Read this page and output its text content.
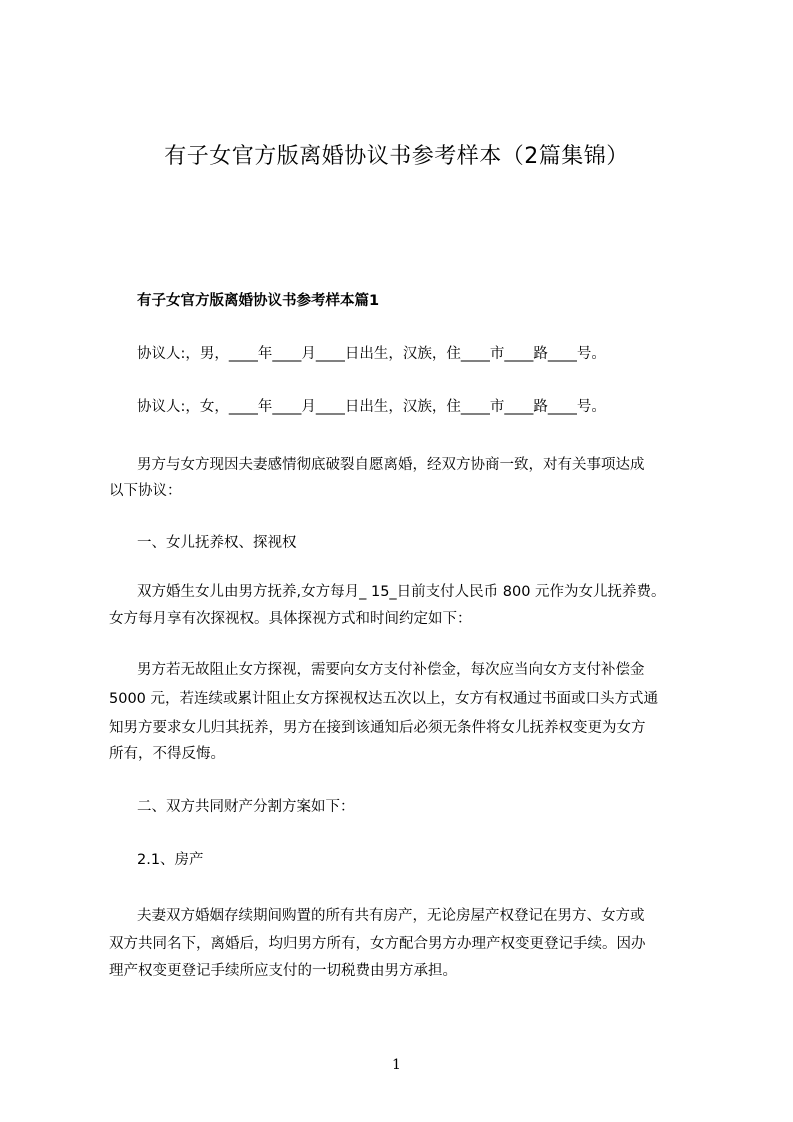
有子女官方版离婚协议书参考样本（2篇集锦）
有子女官方版离婚协议书参考样本篇1
协议人:，男，____年____月____日出生，汉族，住____市____路____号。
协议人:，女，____年____月____日出生，汉族，住____市____路____号。
男方与女方现因夫妻感情彻底破裂自愿离婚，经双方协商一致，对有关事项达成
以下协议：
一、女儿抚养权、探视权
双方婚生女儿由男方抚养,女方每月_ 15_日前支付人民币 800 元作为女儿抚养费。
女方每月享有次探视权。具体探视方式和时间约定如下：
男方若无故阻止女方探视，需要向女方支付补偿金，每次应当向女方支付补偿金
5000 元，若连续或累计阻止女方探视权达五次以上，女方有权通过书面或口头方式通
知男方要求女儿归其抚养，男方在接到该通知后必须无条件将女儿抚养权变更为女方
所有，不得反悔。
二、双方共同财产分割方案如下：
2.1、房产
夫妻双方婚姻存续期间购置的所有共有房产，无论房屋产权登记在男方、女方或
双方共同名下，离婚后，均归男方所有，女方配合男方办理产权变更登记手续。因办
理产权变更登记手续所应支付的一切税费由男方承担。
1
